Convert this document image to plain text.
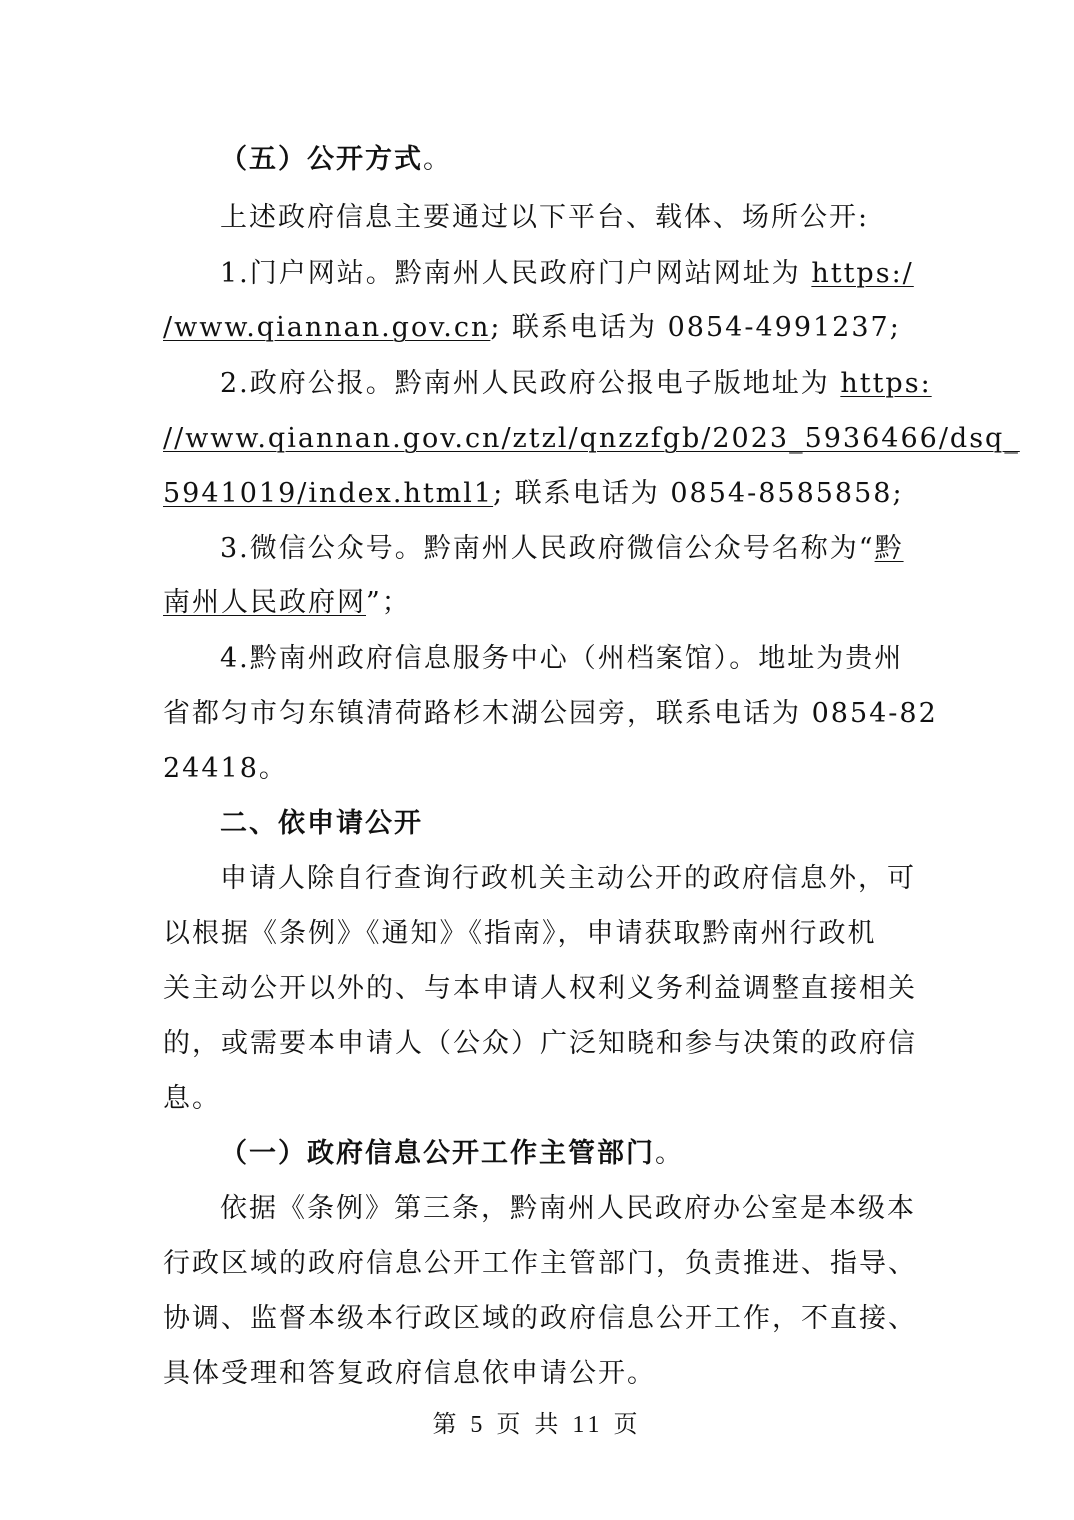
（五）公开方式。
上述政府信息主要通过以下平台、载体、场所公开:
1.门户网站。黔南州人民政府门户网站网址为 https:/
/www.qiannan.gov.cn; 联系电话为 0854-4991237;
2.政府公报。黔南州人民政府公报电子版地址为 https:
//www.qiannan.gov.cn/ztzl/qnzzfgb/2023_5936466/dsq_
5941019/index.html1; 联系电话为 0854-8585858;
3.微信公众号。黔南州人民政府微信公众号名称为“黔
南州人民政府网”；
4.黔南州政府信息服务中心（州档案馆）。地址为贵州
省都匀市匀东镇清荷路杉木湖公园旁，联系电话为 0854-82
24418。
二、依申请公开
申请人除自行查询行政机关主动公开的政府信息外，可
以根据《条例》《通知》《指南》，申请获取黔南州行政机
关主动公开以外的、与本申请人权利义务利益调整直接相关
的，或需要本申请人（公众）广泛知晓和参与决策的政府信
息。
（一）政府信息公开工作主管部门。
依据《条例》第三条，黔南州人民政府办公室是本级本
行政区域的政府信息公开工作主管部门，负责推进、指导、
协调、监督本级本行政区域的政府信息公开工作，不直接、
具体受理和答复政府信息依申请公开。
第 5 页 共 11 页
